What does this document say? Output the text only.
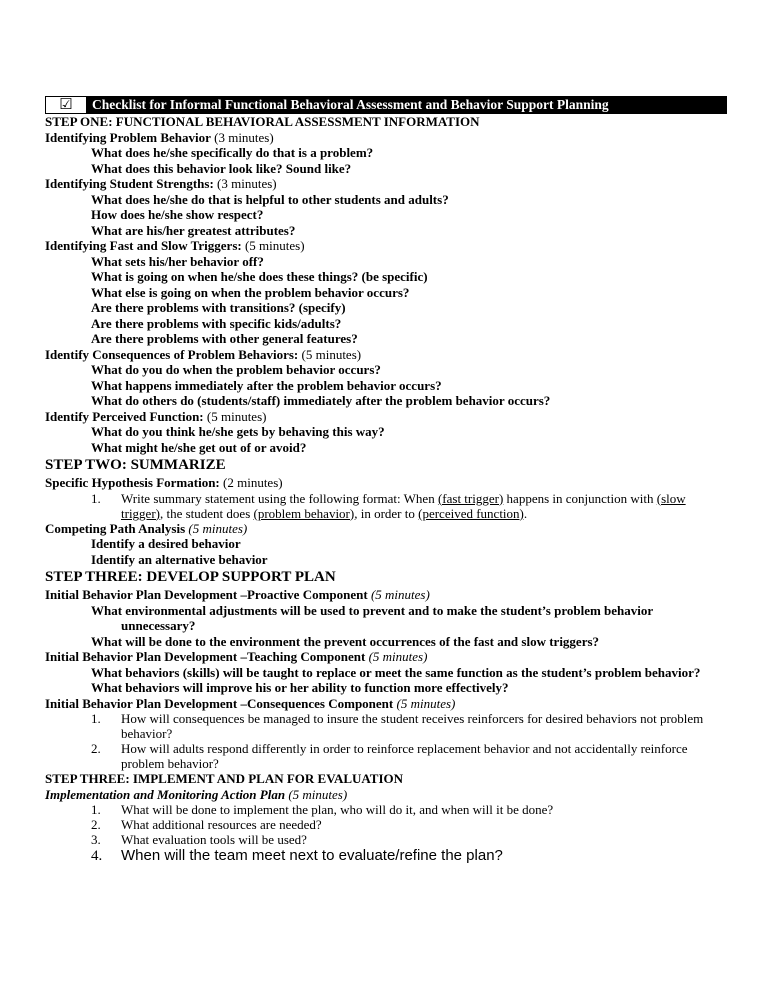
☑	Checklist for Informal Functional Behavioral Assessment and Behavior Support Planning
STEP ONE: FUNCTIONAL BEHAVIORAL ASSESSMENT INFORMATION
Identifying Problem Behavior (3 minutes)
What does he/she specifically do that is a problem?
What does this behavior look like? Sound like?
Identifying Student Strengths: (3 minutes)
What does he/she do that is helpful to other students and adults?
How does he/she show respect?
What are his/her greatest attributes?
Identifying Fast and Slow Triggers: (5 minutes)
What sets his/her behavior off?
What is going on when he/she does these things? (be specific)
What else is going on when the problem behavior occurs?
Are there problems with transitions? (specify)
Are there problems with specific kids/adults?
Are there problems with other general features?
Identify Consequences of Problem Behaviors: (5 minutes)
What do you do when the problem behavior occurs?
What happens immediately after the problem behavior occurs?
What do others do (students/staff) immediately after the problem behavior occurs?
Identify Perceived Function: (5 minutes)
What do you think he/she gets by behaving this way?
What might he/she get out of or avoid?
STEP TWO: SUMMARIZE
Specific Hypothesis Formation: (2 minutes)
1.	Write summary statement using the following format: When (fast trigger) happens in conjunction with (slow trigger), the student does (problem behavior), in order to (perceived function).
Competing Path Analysis (5 minutes)
Identify a desired behavior
Identify an alternative behavior
STEP THREE: DEVELOP SUPPORT PLAN
Initial Behavior Plan Development –Proactive Component (5 minutes)
What environmental adjustments will be used to prevent and to make the student’s problem behavior unnecessary?
What will be done to the environment the prevent occurrences of the fast and slow triggers?
Initial Behavior Plan Development –Teaching Component (5 minutes)
What behaviors (skills) will be taught to replace or meet the same function as the student’s problem behavior?
What behaviors will improve his or her ability to function more effectively?
Initial Behavior Plan Development –Consequences Component (5 minutes)
1.	How will consequences be managed to insure the student receives reinforcers for desired behaviors not problem behavior?
2.	How will adults respond differently in order to reinforce replacement behavior and not accidentally reinforce problem behavior?
STEP THREE: IMPLEMENT AND PLAN FOR EVALUATION
Implementation and Monitoring Action Plan (5 minutes)
1.	What will be done to implement the plan, who will do it, and when will it be done?
2.	What additional resources are needed?
3.	What evaluation tools will be used?
4.	When will the team meet next to evaluate/refine the plan?
